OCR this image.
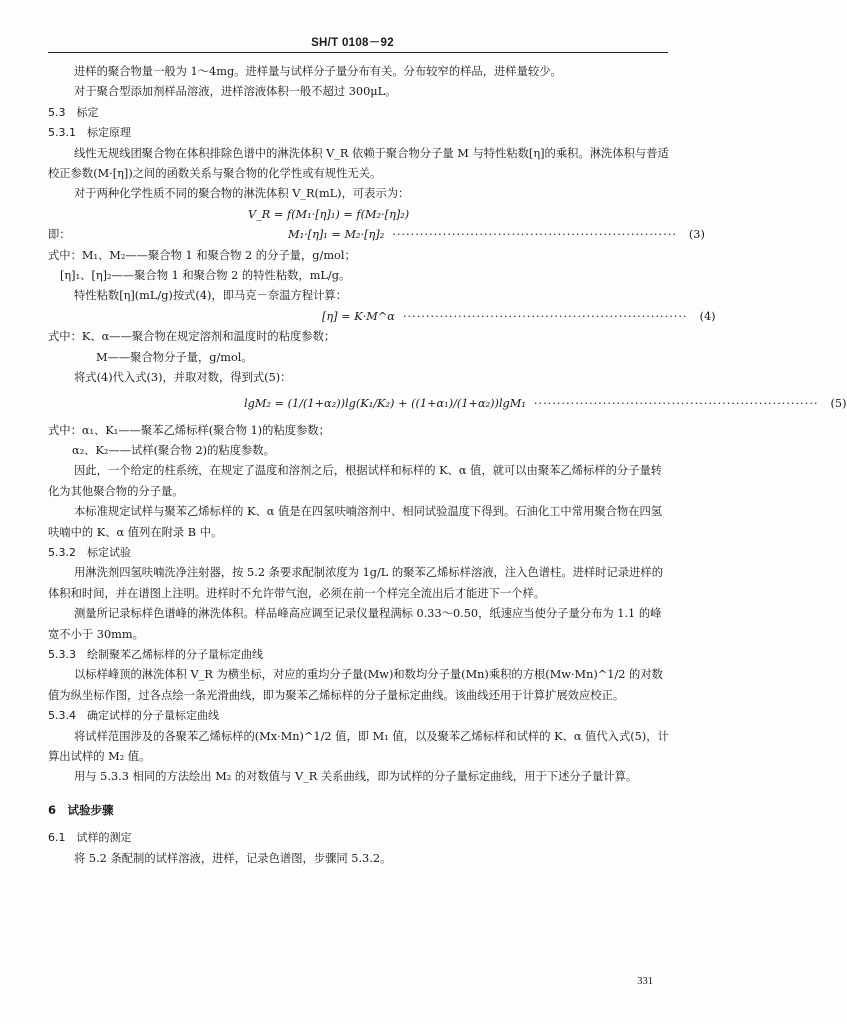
SH/T 0108－92

进样的聚合物量一般为 1～4mg。进样量与试样分子量分布有关。分布较窄的样品，进样量较少。

对于聚合型添加剂样品溶液，进样溶液体积一般不超过 300μL。

5.3　标定

5.3.1　标定原理

线性无规线团聚合物在体积排除色谱中的淋洗体积 V_R 依赖于聚合物分子量 M 与特性粘数[η]的乘积。淋洗体积与普适校正参数(M·[η])之间的函数关系与聚合物的化学性或有规性无关。

对于两种化学性质不同的聚合物的淋洗体积 V_R(mL)，可表示为：

V_R = f(M₁·[η]₁) = f(M₂·[η]₂)
即：	M₁·[η]₁ = M₂·[η]₂ ······························································	(3)

式中：M₁、M₂——聚合物 1 和聚合物 2 的分子量，g/mol；

[η]₁、[η]₂——聚合物 1 和聚合物 2 的特性粘数，mL/g。

特性粘数[η](mL/g)按式(4)，即马克－奈温方程计算：

[η] = K·M^α ······························································	(4)

式中：K、α——聚合物在规定溶剂和温度时的粘度参数；

M——聚合物分子量，g/mol。

将式(4)代入式(3)，并取对数，得到式(5)：

lgM₂ = (1/(1+α₂))lg(K₁/K₂) + ((1+α₁)/(1+α₂))lgM₁ ······························································	(5)

式中：α₁、K₁——聚苯乙烯标样(聚合物 1)的粘度参数；

α₂、K₂——试样(聚合物 2)的粘度参数。

因此，一个给定的柱系统，在规定了温度和溶剂之后，根据试样和标样的 K、α 值，就可以由聚苯乙烯标样的分子量转化为其他聚合物的分子量。

本标准规定试样与聚苯乙烯标样的 K、α 值是在四氢呋喃溶剂中、相同试验温度下得到。石油化工中常用聚合物在四氢呋喃中的 K、α 值列在附录 B 中。

5.3.2　标定试验

用淋洗剂四氢呋喃洗净注射器，按 5.2 条要求配制浓度为 1g/L 的聚苯乙烯标样溶液，注入色谱柱。进样时记录进样的体积和时间，并在谱图上注明。进样时不允许带气泡，必须在前一个样完全流出后才能进下一个样。

测量所记录标样色谱峰的淋洗体积。样品峰高应调至记录仪量程满标 0.33～0.50，纸速应当使分子量分布为 1.1 的峰宽不小于 30mm。

5.3.3　绘制聚苯乙烯标样的分子量标定曲线

以标样峰顶的淋洗体积 V_R 为横坐标，对应的重均分子量(Mw)和数均分子量(Mn)乘积的方根(Mw·Mn)^1/2 的对数值为纵坐标作图，过各点绘一条光滑曲线，即为聚苯乙烯标样的分子量标定曲线。该曲线还用于计算扩展效应校正。

5.3.4　确定试样的分子量标定曲线

将试样范围涉及的各聚苯乙烯标样的(Mx·Mn)^1/2 值，即 M₁ 值，以及聚苯乙烯标样和试样的 K、α 值代入式(5)，计算出试样的 M₂ 值。

用与 5.3.3 相同的方法绘出 M₂ 的对数值与 V_R 关系曲线，即为试样的分子量标定曲线，用于下述分子量计算。

6　试验步骤

6.1　试样的测定

将 5.2 条配制的试样溶液，进样，记录色谱图，步骤同 5.3.2。

331
